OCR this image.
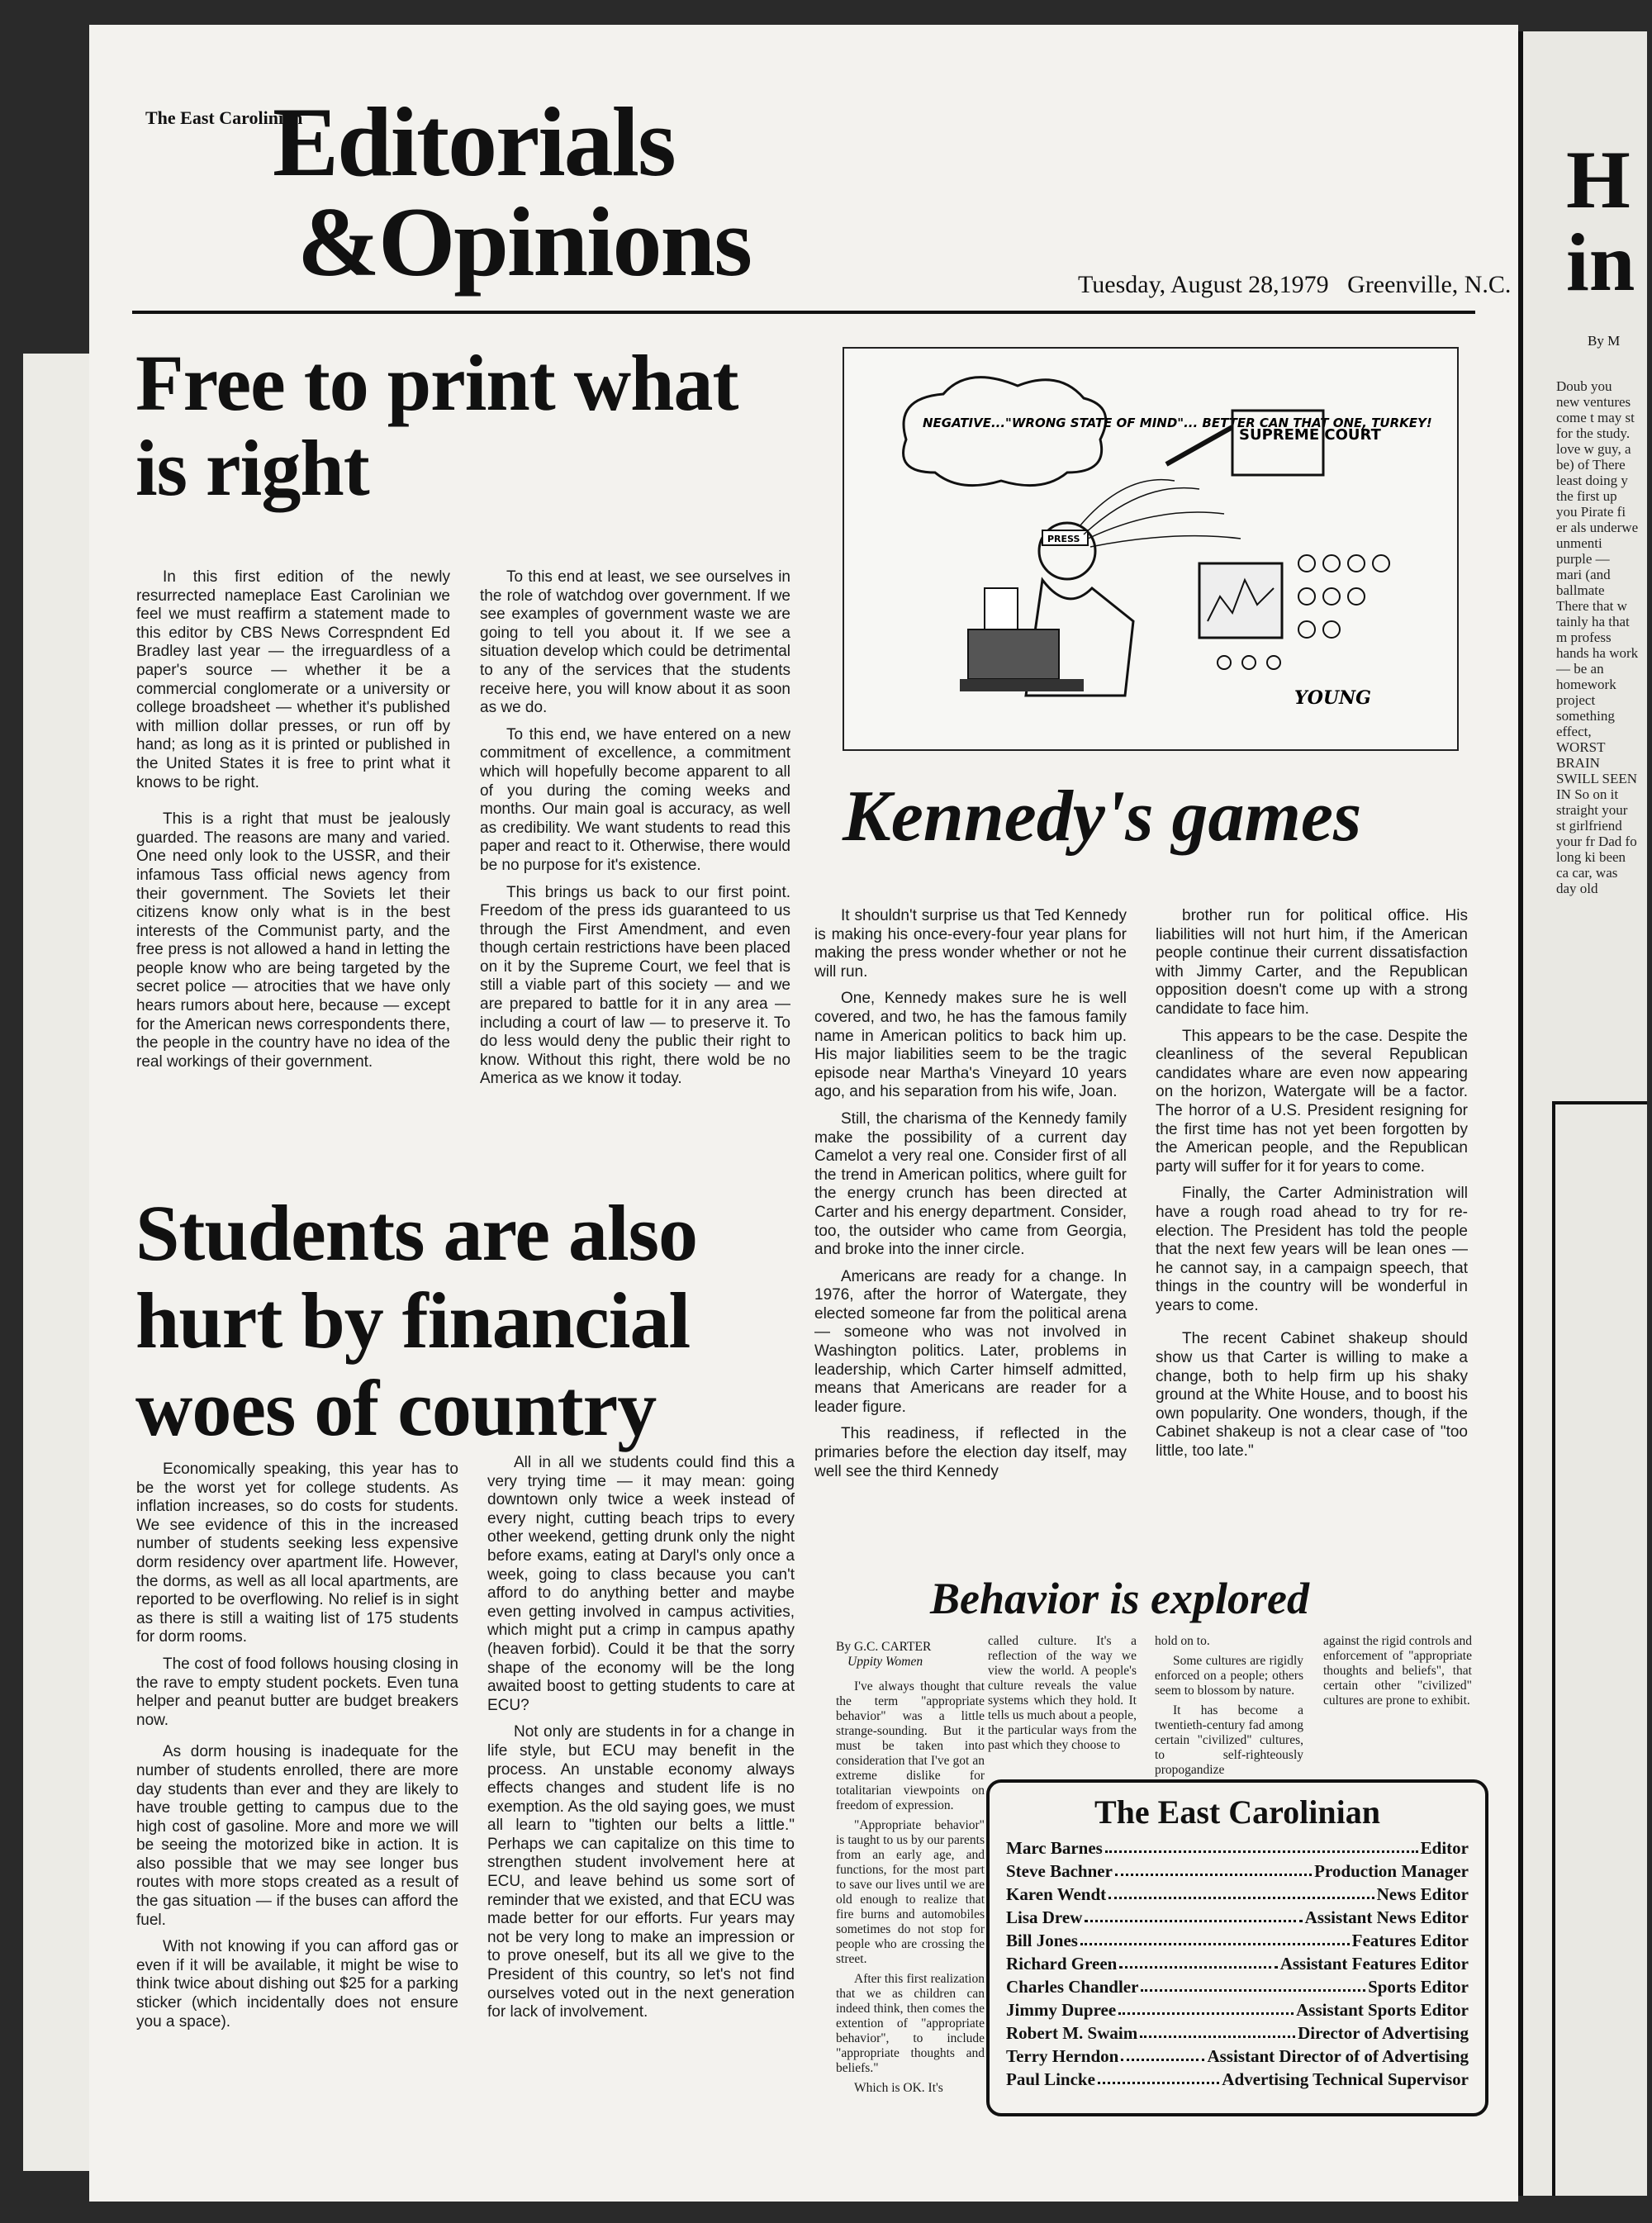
H in
By M
Doub you new ventures come t may st for the study. love w guy, a be) of There least doing y the first up you Pirate fi er als underwe unmenti purple — mari (and ballmate There that w tainly ha that m profess hands ha work — be an homework project something effect, WORST BRAIN SWILL SEEN IN So on it straight your st girlfriend your fr Dad fo long ki been ca car, was day old
The East Carolinian
Editorials
&Opinions	Tuesday, August 28,1979   Greenville, N.C.
Free to print what is right

In this first edition of the newly resurrected nameplace East Carolinian we feel we must reaffirm a statement made to this editor by CBS News Correspndent Ed Bradley last year — the irreguardless of a paper's source — whether it be a commercial conglomerate or a university or college broadsheet — whether it's published with million dollar presses, or run off by hand; as long as it is printed or published in the United States it is free to print what it knows to be right.

This is a right that must be jealously guarded. The reasons are many and varied. One need only look to the USSR, and their infamous Tass official news agency from their government. The Soviets let their citizens know only what is in the best interests of the Communist party, and the free press is not allowed a hand in letting the people know who are being targeted by the secret police — atrocities that we have only hears rumors about here, because — except for the American news correspondents there, the people in the country have no idea of the real workings of their government.

To this end at least, we see ourselves in the role of watchdog over government. If we see examples of government waste we are going to tell you about it. If we see a situation develop which could be detrimental to any of the services that the students receive here, you will know about it as soon as we do.

To this end, we have entered on a new commitment of excellence, a commitment which will hopefully become apparent to all of you during the coming weeks and months. Our main goal is accuracy, as well as credibility. We want students to read this paper and react to it. Otherwise, there would be no purpose for it's existence.

This brings us back to our first point. Freedom of the press ids guaranteed to us through the First Amendment, and even though certain restrictions have been placed on it by the Supreme Court, we feel that is still a viable part of this society — and we are prepared to battle for it in any area — including a court of law — to preserve it. To do less would deny the public their right to know. Without this right, there wold be no America as we know it today.

Students are also hurt by financial woes of country

Economically speaking, this year has to be the worst yet for college students. As inflation increases, so do costs for students. We see evidence of this in the increased number of students seeking less expensive dorm residency over apartment life. However, the dorms, as well as all local apartments, are reported to be overflowing. No relief is in sight as there is still a waiting list of 175 students for dorm rooms.

The cost of food follows housing closing in the rave to empty student pockets. Even tuna helper and peanut butter are budget breakers now.

As dorm housing is inadequate for the number of students enrolled, there are more day students than ever and they are likely to have trouble getting to campus due to the high cost of gasoline. More and more we will be seeing the motorized bike in action. It is also possible that we may see longer bus routes with more stops created as a result of the gas situation — if the buses can afford the fuel.

With not knowing if you can afford gas or even if it will be available, it might be wise to think twice about dishing out $25 for a parking sticker (which incidentally does not ensure you a space).

All in all we students could find this a very trying time — it may mean: going downtown only twice a week instead of every night, cutting beach trips to every other weekend, getting drunk only the night before exams, eating at Daryl's only once a week, going to class because you can't afford to do anything better and maybe even getting involved in campus activities, which might put a crimp in campus apathy (heaven forbid). Could it be that the sorry shape of the economy will be the long awaited boost to getting students to care at ECU?

Not only are students in for a change in life style, but ECU may benefit in the process. An unstable economy always effects changes and student life is no exemption. As the old saying goes, we must all learn to "tighten our belts a little." Perhaps we can capitalize on this time to strengthen student involvement here at ECU, and leave behind us some sort of reminder that we existed, and that ECU was made better for our efforts. Fur years may not be very long to make an impression or to prove oneself, but its all we give to the President of this country, so let's not find ourselves voted out in the next generation for lack of involvement.

NEGATIVE..."WRONG STATE OF MIND"... BETTER CAN THAT ONE, TURKEY!
SUPREME COURT
PRESS
YOUNG
Kennedy's games

It shouldn't surprise us that Ted Kennedy is making his once-every-four year plans for making the press wonder whether or not he will run.

One, Kennedy makes sure he is well covered, and two, he has the famous family name in American politics to back him up. His major liabilities seem to be the tragic episode near Martha's Vineyard 10 years ago, and his separation from his wife, Joan.

Still, the charisma of the Kennedy family make the possibility of a current day Camelot a very real one. Consider first of all the trend in American politics, where guilt for the energy crunch has been directed at Carter and his energy department. Consider, too, the outsider who came from Georgia, and broke into the inner circle.

Americans are ready for a change. In 1976, after the horror of Watergate, they elected someone far from the political arena — someone who was not involved in Washington politics. Later, problems in leadership, which Carter himself admitted, means that Americans are reader for a leader figure.

This readiness, if reflected in the primaries before the election day itself, may well see the third Kennedy

brother run for political office. His liabilities will not hurt him, if the American people continue their current dissatisfaction with Jimmy Carter, and the Republican opposition doesn't come up with a strong candidate to face him.

This appears to be the case. Despite the cleanliness of the several Republican candidates whare are even now appearing on the horizon, Watergate will be a factor. The horror of a U.S. President resigning for the first time has not yet been forgotten by the American people, and the Republican party will suffer for it for years to come.

Finally, the Carter Administration will have a rough road ahead to try for re-election. The President has told the people that the next few years will be lean ones — he cannot say, in a campaign speech, that things in the country will be wonderful in years to come.

The recent Cabinet shakeup should show us that Carter is willing to make a change, both to help firm up his shaky ground at the White House, and to boost his own popularity. One wonders, though, if the Cabinet shakeup is not a clear case of "too little, too late."

Behavior is explored
By G.C. CARTER
Uppity Women

I've always thought that the term "appropriate behavior" was a little strange-sounding. But it must be taken into consideration that I've got an extreme dislike for totalitarian viewpoints on freedom of expression.

"Appropriate behavior" is taught to us by our parents from an early age, and functions, for the most part to save our lives until we are old enough to realize that fire burns and automobiles sometimes do not stop for people who are crossing the street.

After this first realization that we as children can indeed think, then comes the extention of "appropriate behavior", to include "appropriate thoughts and beliefs."

Which is OK. It's

called culture. It's a reflection of the way we view the world. A people's culture reveals the value systems which they hold. It tells us much about a people, the particular ways from the past which they choose to

hold on to.

Some cultures are rigidly enforced on a people; others seem to blossom by nature.

It has become a twentieth-century fad among certain "civilized" cultures, to self-righteously propogandize

against the rigid controls and enforcement of "appropriate thoughts and beliefs", that certain other "civilized" cultures are prone to exhibit.

The East Carolinian
Marc Barnes	Editor
Steve Bachner	Production Manager
Karen Wendt	News Editor
Lisa Drew	Assistant News Editor
Bill Jones	Features Editor
Richard Green	Assistant Features Editor
Charles Chandler	Sports Editor
Jimmy Dupree	Assistant Sports Editor
Robert M. Swaim	Director of Advertising
Terry Herndon	Assistant Director of of Advertising
Paul Lincke	Advertising Technical Supervisor
